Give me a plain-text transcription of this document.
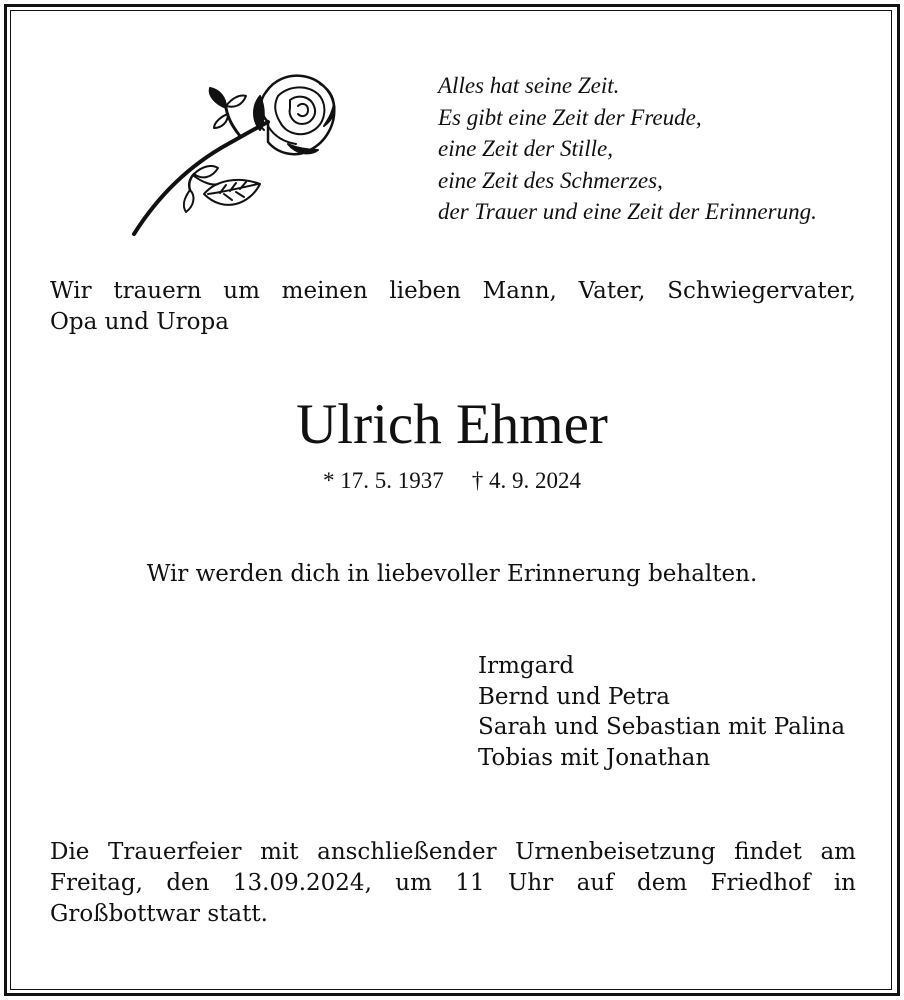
Alles hat seine Zeit.
Es gibt eine Zeit der Freude,
eine Zeit der Stille,
eine Zeit des Schmerzes,
der Trauer und eine Zeit der Erinnerung.
Wir trauern um meinen lieben Mann, Vater, Schwiegervater,
Opa und Uropa
Ulrich Ehmer
* 17. 5. 1937 † 4. 9. 2024
Wir werden dich in liebevoller Erinnerung behalten.
Irmgard
Bernd und Petra
Sarah und Sebastian mit Palina
Tobias mit Jonathan
Die Trauerfeier mit anschließender Urnenbeisetzung findet am
Freitag, den 13.09.2024, um 11 Uhr auf dem Friedhof in
Großbottwar statt.
